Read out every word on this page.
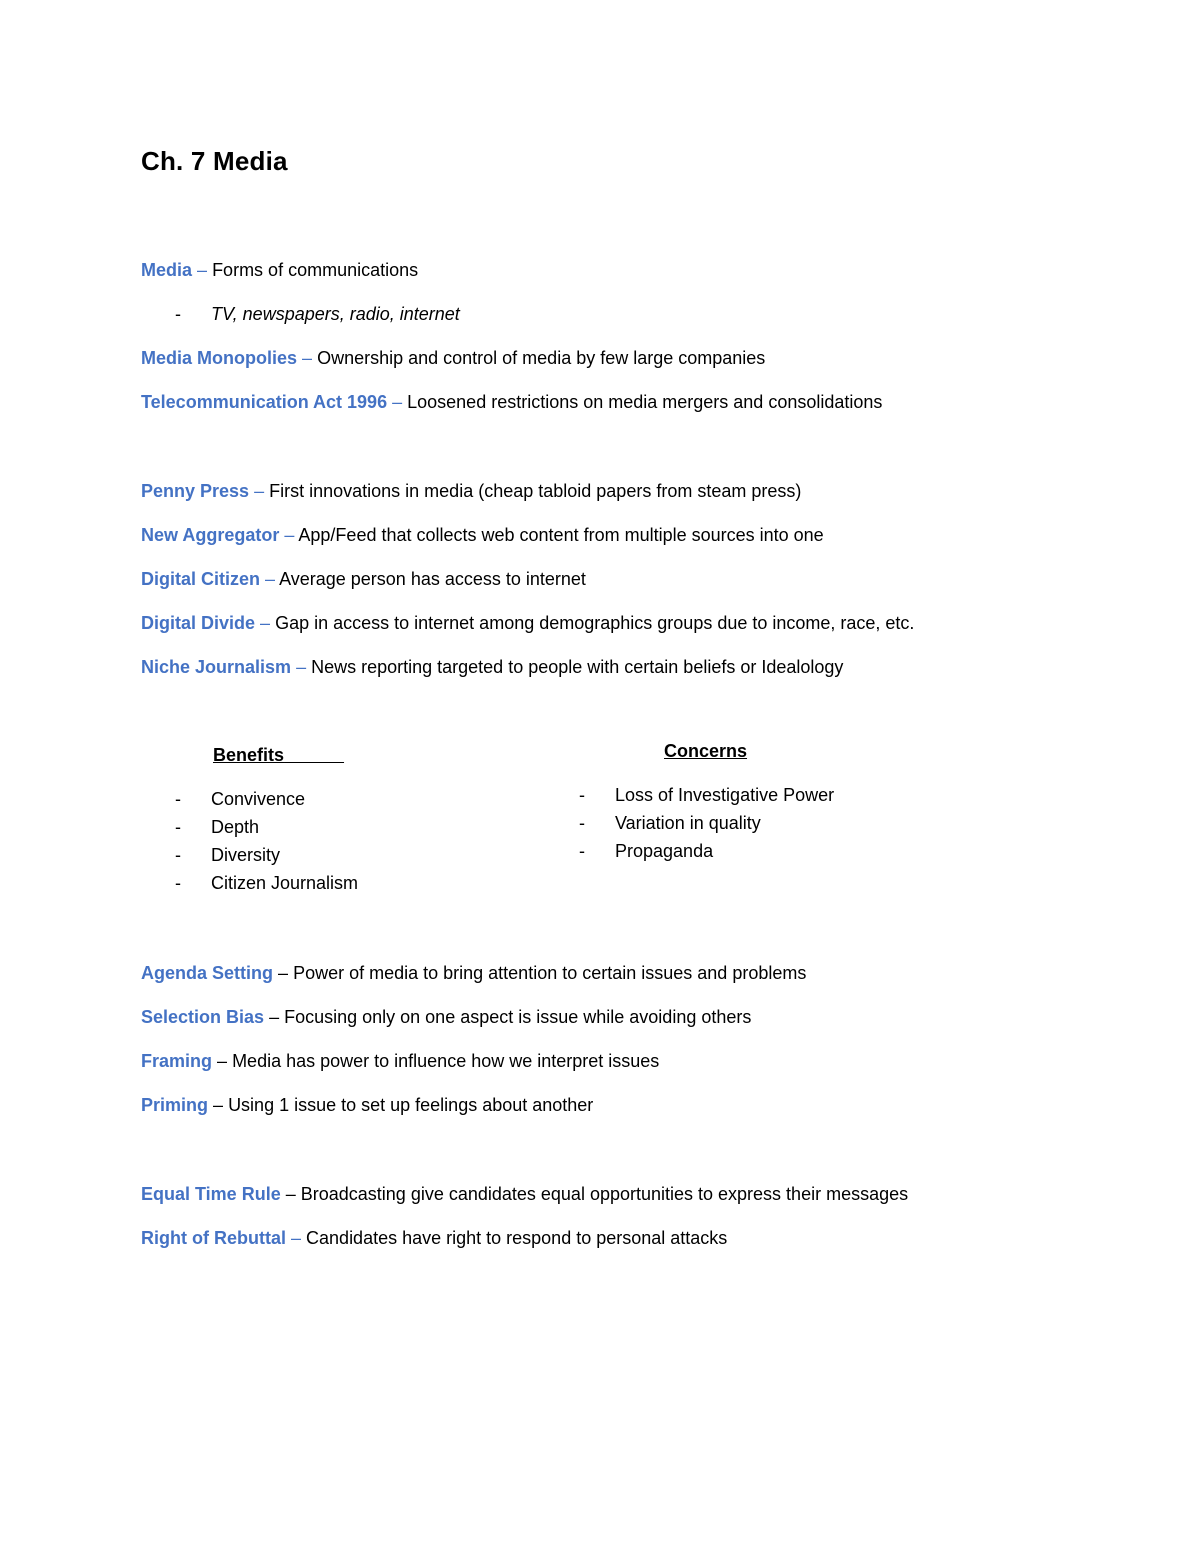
Ch. 7 Media
Media – Forms of communications
- TV, newspapers, radio, internet
Media Monopolies – Ownership and control of media by few large companies
Telecommunication Act 1996 – Loosened restrictions on media mergers and consolidations
Penny Press – First innovations in media (cheap tabloid papers from steam press)
New Aggregator – App/Feed that collects web content from multiple sources into one
Digital Citizen – Average person has access to internet
Digital Divide – Gap in access to internet among demographics groups due to income, race, etc.
Niche Journalism – News reporting targeted to people with certain beliefs or Idealology
Benefits
- Convivence
- Depth
- Diversity
- Citizen Journalism
Concerns
- Loss of Investigative Power
- Variation in quality
- Propaganda
Agenda Setting – Power of media to bring attention to certain issues and problems
Selection Bias – Focusing only on one aspect is issue while avoiding others
Framing – Media has power to influence how we interpret issues
Priming – Using 1 issue to set up feelings about another
Equal Time Rule – Broadcasting give candidates equal opportunities to express their messages
Right of Rebuttal – Candidates have right to respond to personal attacks
